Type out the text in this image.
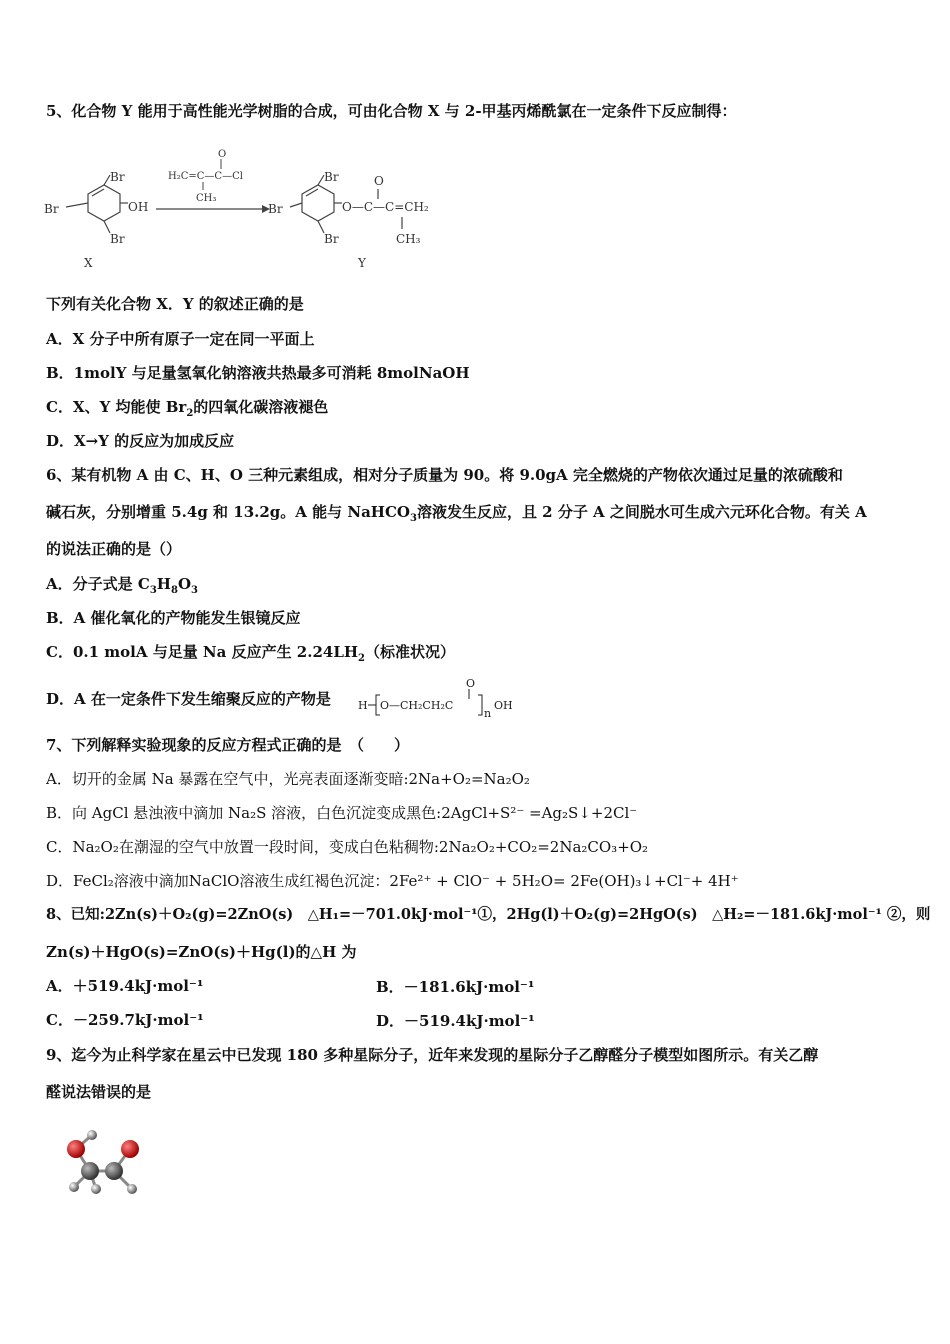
5、化合物 Y 能用于高性能光学树脂的合成，可由化合物 X 与 2-甲基丙烯酰氯在一定条件下反应制得：
Br
Br	OH
Br
X
O
H₂C=C—C—Cl
CH₃
Br
Br	O—C—C=CH₂
O
CH₃
Br
Y
下列有关化合物 X．Y 的叙述正确的是
A．X 分子中所有原子一定在同一平面上
B．1molY 与足量氢氧化钠溶液共热最多可消耗 8molNaOH
C．X、Y 均能使 $Br_2$的四氧化碳溶液褪色
D．X→Y 的反应为加成反应
6、某有机物 A 由 C、H、O 三种元素组成，相对分子质量为 90。将 9.0gA 完全燃烧的产物依次通过足量的浓硫酸和
碱石灰，分别增重 5.4g 和 13.2g。A 能与 NaHCO$_3$溶液发生反应，且 2 分子 A 之间脱水可生成六元环化合物。有关 A
的说法正确的是（）
A．分子式是 $C_3H_8O_3$
B．A 催化氧化的产物能发生银镜反应
C．0.1 molA 与足量 Na 反应产生 $2.24LH_2$（标准状况）
D．A 在一定条件下发生缩聚反应的产物是 H O—CH₂CH₂C
O
n
OH
7、下列解释实验现象的反应方程式正确的是　（　　）
A．切开的金属 Na 暴露在空气中，光亮表面逐渐变暗:2Na+O₂=Na₂O₂
B．向 AgCl 悬浊液中滴加 Na₂S 溶液，白色沉淀变成黑色:2AgCl+S²⁻ =Ag₂S↓+2Cl⁻
C．Na₂O₂在潮湿的空气中放置一段时间，变成白色粘稠物:2Na₂O₂+CO₂=2Na₂CO₃+O₂
D．FeCl₂溶液中滴加NaClO溶液生成红褐色沉淀：2Fe²⁺ + ClO⁻ + 5H₂O= 2Fe(OH)₃↓+Cl⁻+ 4H⁺
8、已知:2Zn(s)＋O₂(g)=2ZnO(s)　△H₁=－701.0kJ·mol⁻¹①，2Hg(l)＋O₂(g)=2HgO(s)　△H₂=－181.6kJ·mol⁻¹ ②，则
Zn(s)＋HgO(s)=ZnO(s)＋Hg(l)的△H 为
A．＋519.4kJ·mol⁻¹	B．－181.6kJ·mol⁻¹
C．－259.7kJ·mol⁻¹	D．－519.4kJ·mol⁻¹
9、迄今为止科学家在星云中已发现 180 多种星际分子，近年来发现的星际分子乙醇醛分子模型如图所示。有关乙醇
醛说法错误的是
